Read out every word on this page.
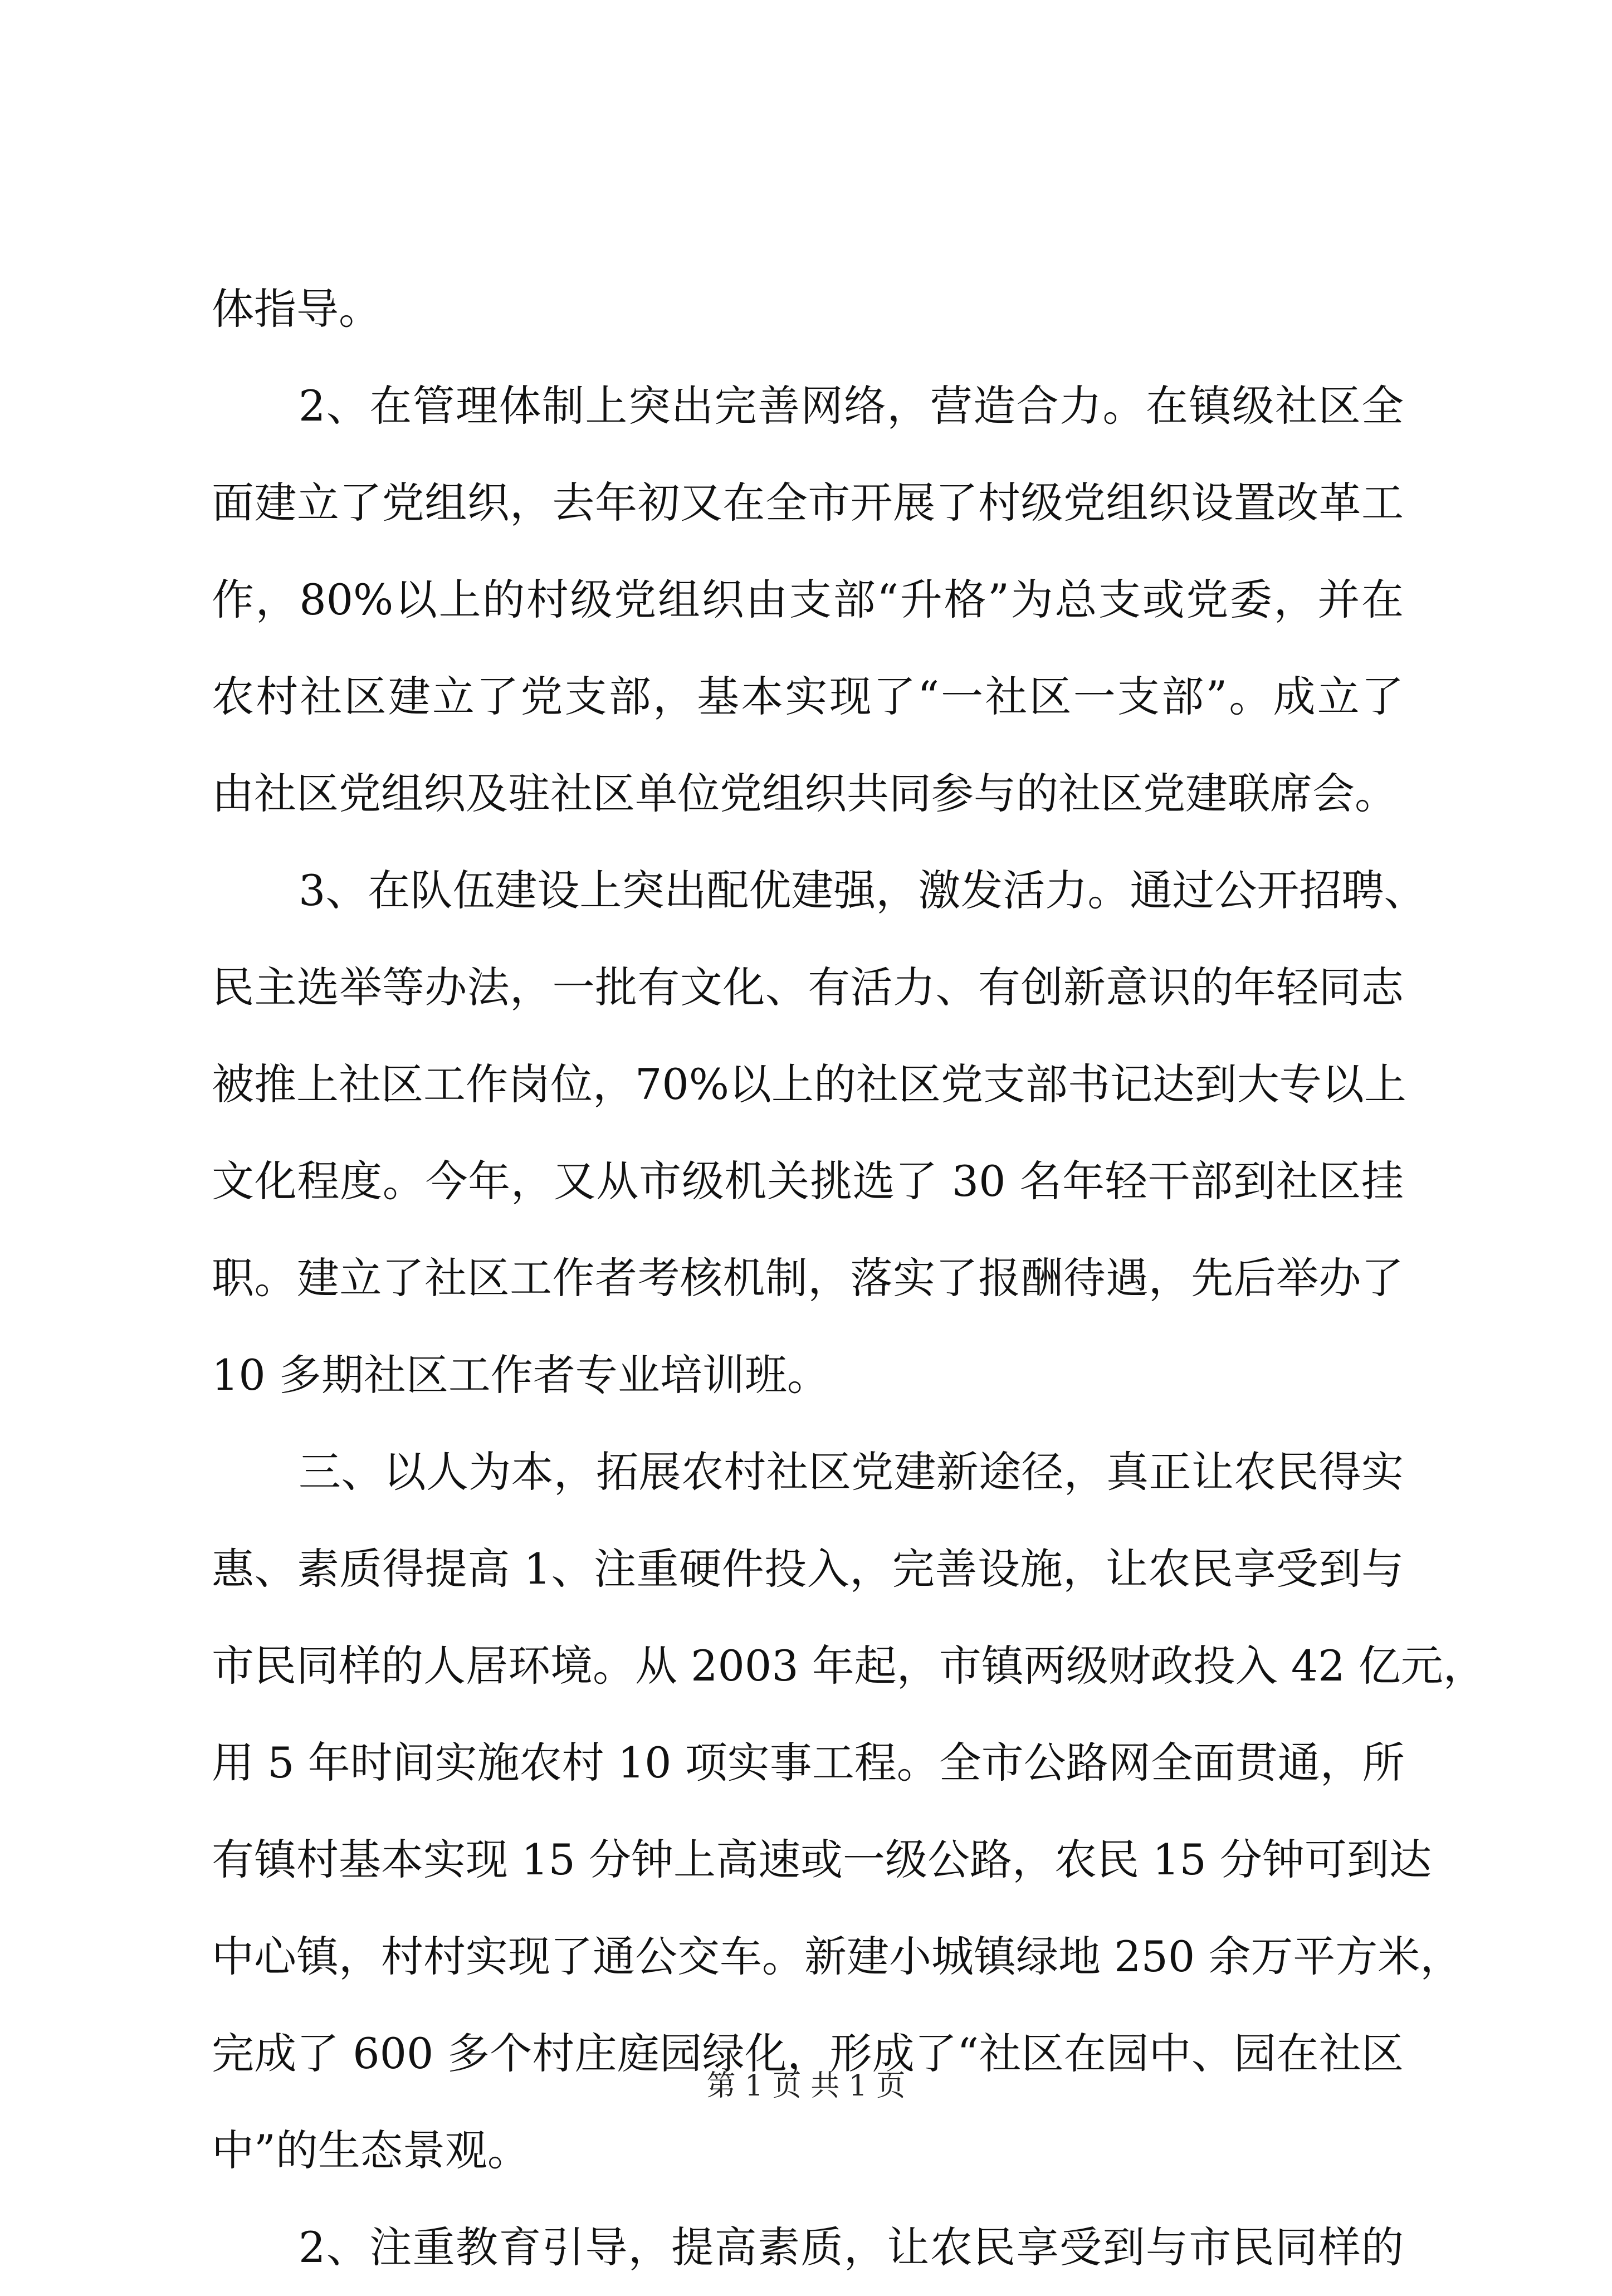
体指导。
2、在管理体制上突出完善网络，营造合力。在镇级社区全
面建立了党组织，去年初又在全市开展了村级党组织设置改革工
作，80%以上的村级党组织由支部“升格”为总支或党委，并在
农村社区建立了党支部，基本实现了“一社区一支部”。成立了
由社区党组织及驻社区单位党组织共同参与的社区党建联席会。
3、在队伍建设上突出配优建强，激发活力。通过公开招聘、
民主选举等办法，一批有文化、有活力、有创新意识的年轻同志
被推上社区工作岗位，70%以上的社区党支部书记达到大专以上
文化程度。今年，又从市级机关挑选了 30 名年轻干部到社区挂
职。建立了社区工作者考核机制，落实了报酬待遇，先后举办了
10 多期社区工作者专业培训班。
三、以人为本，拓展农村社区党建新途径，真正让农民得实
惠、素质得提高 1、注重硬件投入，完善设施，让农民享受到与
市民同样的人居环境。从 2003 年起，市镇两级财政投入 42 亿元，
用 5 年时间实施农村 10 项实事工程。全市公路网全面贯通，所
有镇村基本实现 15 分钟上高速或一级公路，农民 15 分钟可到达
中心镇，村村实现了通公交车。新建小城镇绿地 250 余万平方米，
完成了 600 多个村庄庭园绿化，形成了“社区在园中、园在社区
中”的生态景观。
2、注重教育引导，提高素质，让农民享受到与市民同样的
第 1 页 共 1 页
